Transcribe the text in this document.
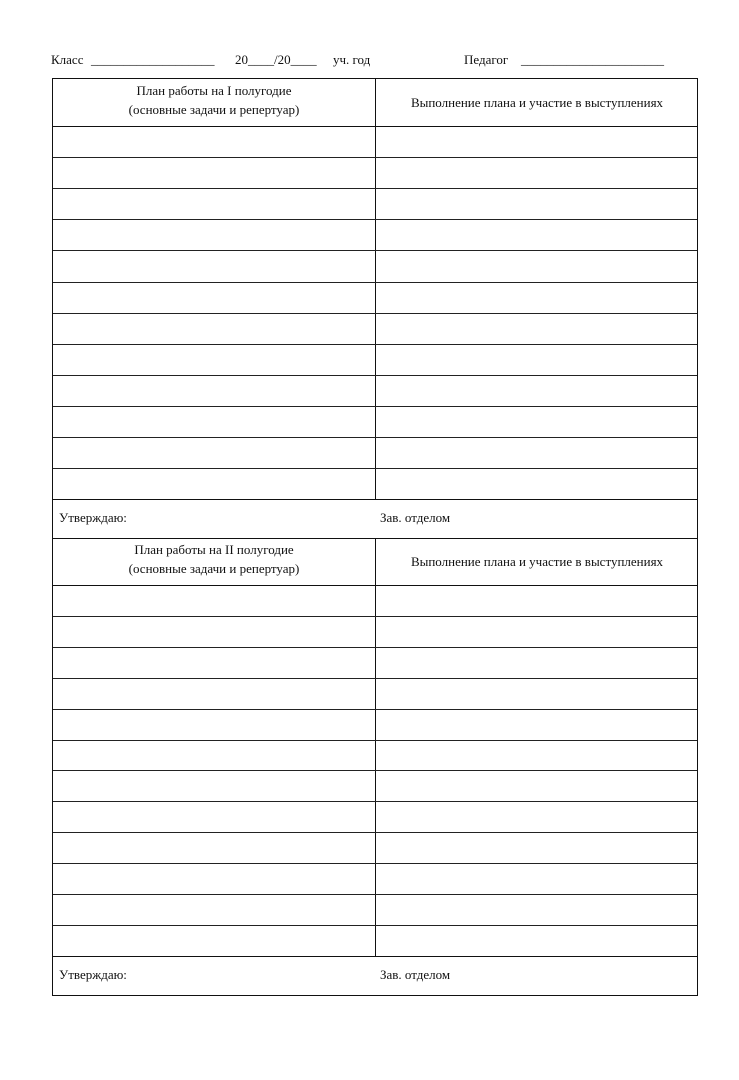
Класс ___________________ 20____/20____ уч. год	Педагог ______________________
План работы на I полугодие
(основные задачи и репертуар)	Выполнение плана и участие в выступлениях
Утверждаю:	Зав. отделом
План работы на II полугодие
(основные задачи и репертуар)	Выполнение плана и участие в выступлениях
Утверждаю:	Зав. отделом
